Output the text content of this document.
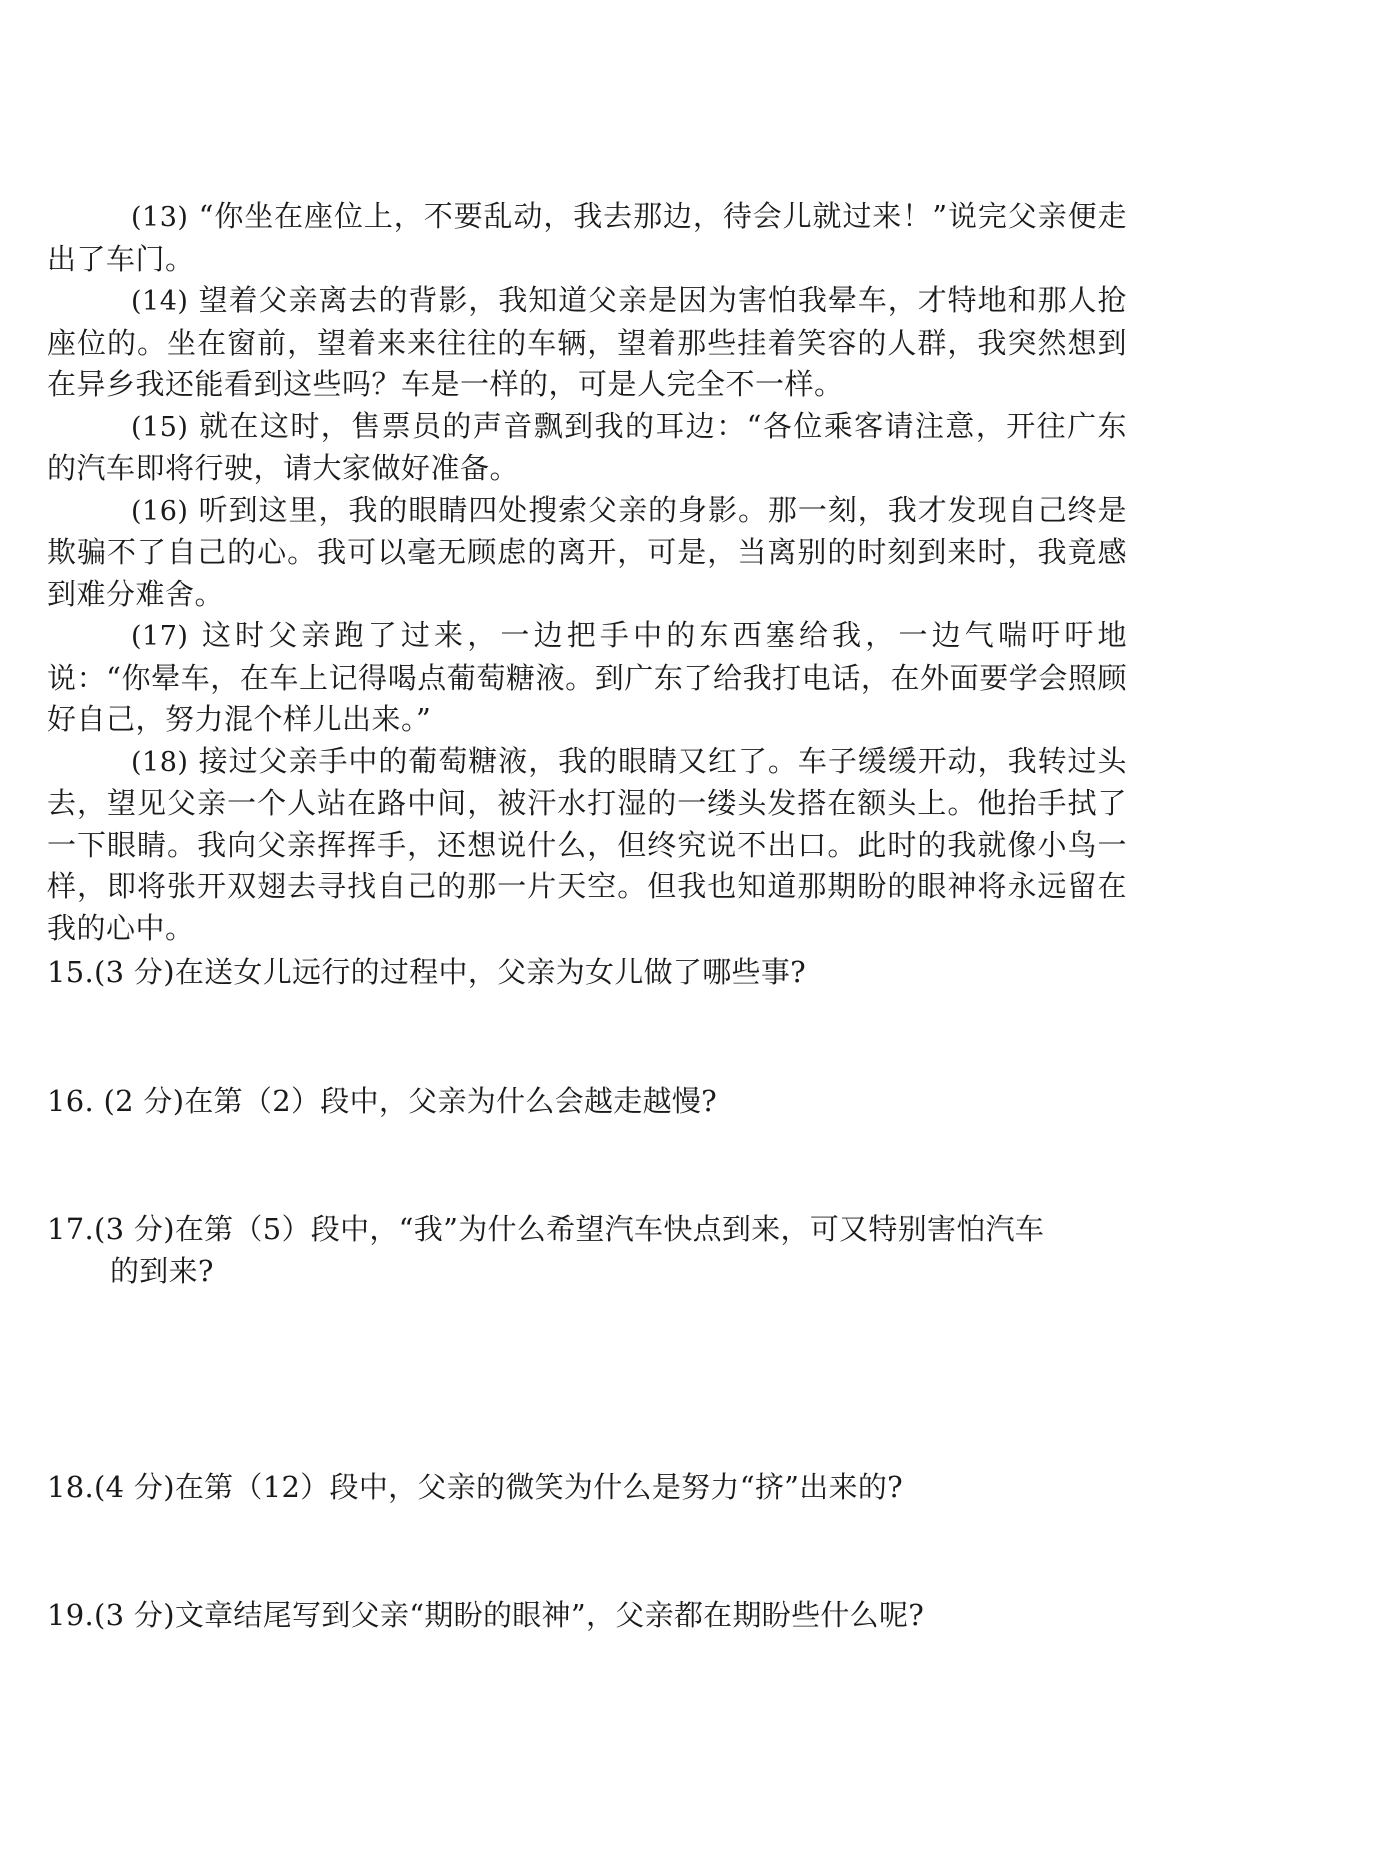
(13) “你坐在座位上，不要乱动，我去那边，待会儿就过来！”说完父亲便走出了车门。

(14) 望着父亲离去的背影，我知道父亲是因为害怕我晕车，才特地和那人抢座位的。坐在窗前，望着来来往往的车辆，望着那些挂着笑容的人群，我突然想到在异乡我还能看到这些吗？车是一样的，可是人完全不一样。

(15) 就在这时，售票员的声音飘到我的耳边：“各位乘客请注意，开往广东的汽车即将行驶，请大家做好准备。

(16) 听到这里，我的眼睛四处搜索父亲的身影。那一刻，我才发现自己终是欺骗不了自己的心。我可以毫无顾虑的离开，可是，当离别的时刻到来时，我竟感到难分难舍。

(17) 这时父亲跑了过来，一边把手中的东西塞给我，一边气喘吁吁地说：“你晕车，在车上记得喝点葡萄糖液。到广东了给我打电话，在外面要学会照顾好自己，努力混个样儿出来。”

(18) 接过父亲手中的葡萄糖液，我的眼睛又红了。车子缓缓开动，我转过头去，望见父亲一个人站在路中间，被汗水打湿的一缕头发搭在额头上。他抬手拭了一下眼睛。我向父亲挥挥手，还想说什么，但终究说不出口。此时的我就像小鸟一样，即将张开双翅去寻找自己的那一片天空。但我也知道那期盼的眼神将永远留在我的心中。

15.(3 分)在送女儿远行的过程中，父亲为女儿做了哪些事?

16. (2 分)在第（2）段中，父亲为什么会越走越慢?

17.(3 分)在第（5）段中，“我”为什么希望汽车快点到来，可又特别害怕汽车
的到来?

18.(4 分)在第（12）段中，父亲的微笑为什么是努力“挤”出来的?

19.(3 分)文章结尾写到父亲“期盼的眼神”，父亲都在期盼些什么呢?
